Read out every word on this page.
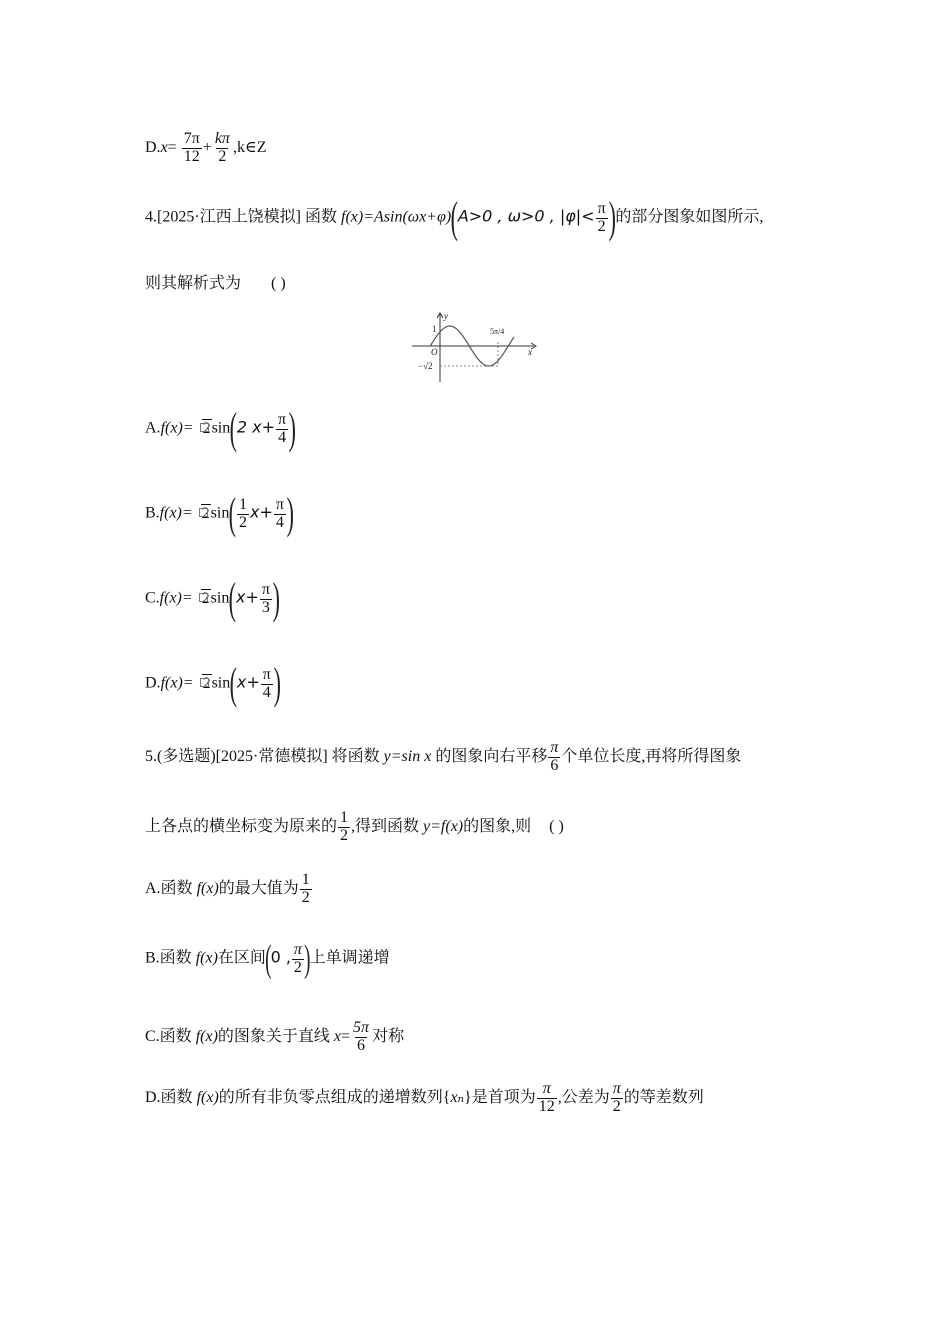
$D.x= \frac{7\pi}{12} + \frac{k\pi}{2}$ ,k∈Z
4.[2025·江西上饶模拟] 函数 f(x)=Asin(ωx+φ)(A>0 , ω>0 , $|\varphi|< \frac{\pi}{2}$ )的部分图象如图所示,
则其解析式为 ( )
y
x
O
1
−√2
5π/4
A.f(x)= 2sin(2 $x+ \frac{\pi}{4}$ )
$B.f(x)= 2\sin( \frac{1}{2} x+ \frac{\pi}{4}$ )
$C.f(x)= 2\sin(x+ \frac{\pi}{3}$ )
$D.f(x)= 2\sin(x+ \frac{\pi}{4}$ )
5.(多选题)[2025·常德模拟] 将函数 y=sin x 的图象向右平移 $\frac{\pi}{6}$ 个单位长度,再将所得图象
上各点的横坐标变为原来的 $\frac{1}{2}$ ,得到函数 y=f(x)的图象,则 ( )
A.函数 f(x)的最大值为 $\frac{1}{2}$
B.函数 f(x)在区间(0 , $\frac{\pi}{2}$ )上单调递增
C.函数 f(x)的图象关于直线 $x= \frac{5\pi}{6}$ 对称
D.函数 f(x)的所有非负零点组成的递增数列{xₙ}是首项为 $\frac{\pi}{12}$ ,公差为 $\frac{\pi}{2}$ 的等差数列
